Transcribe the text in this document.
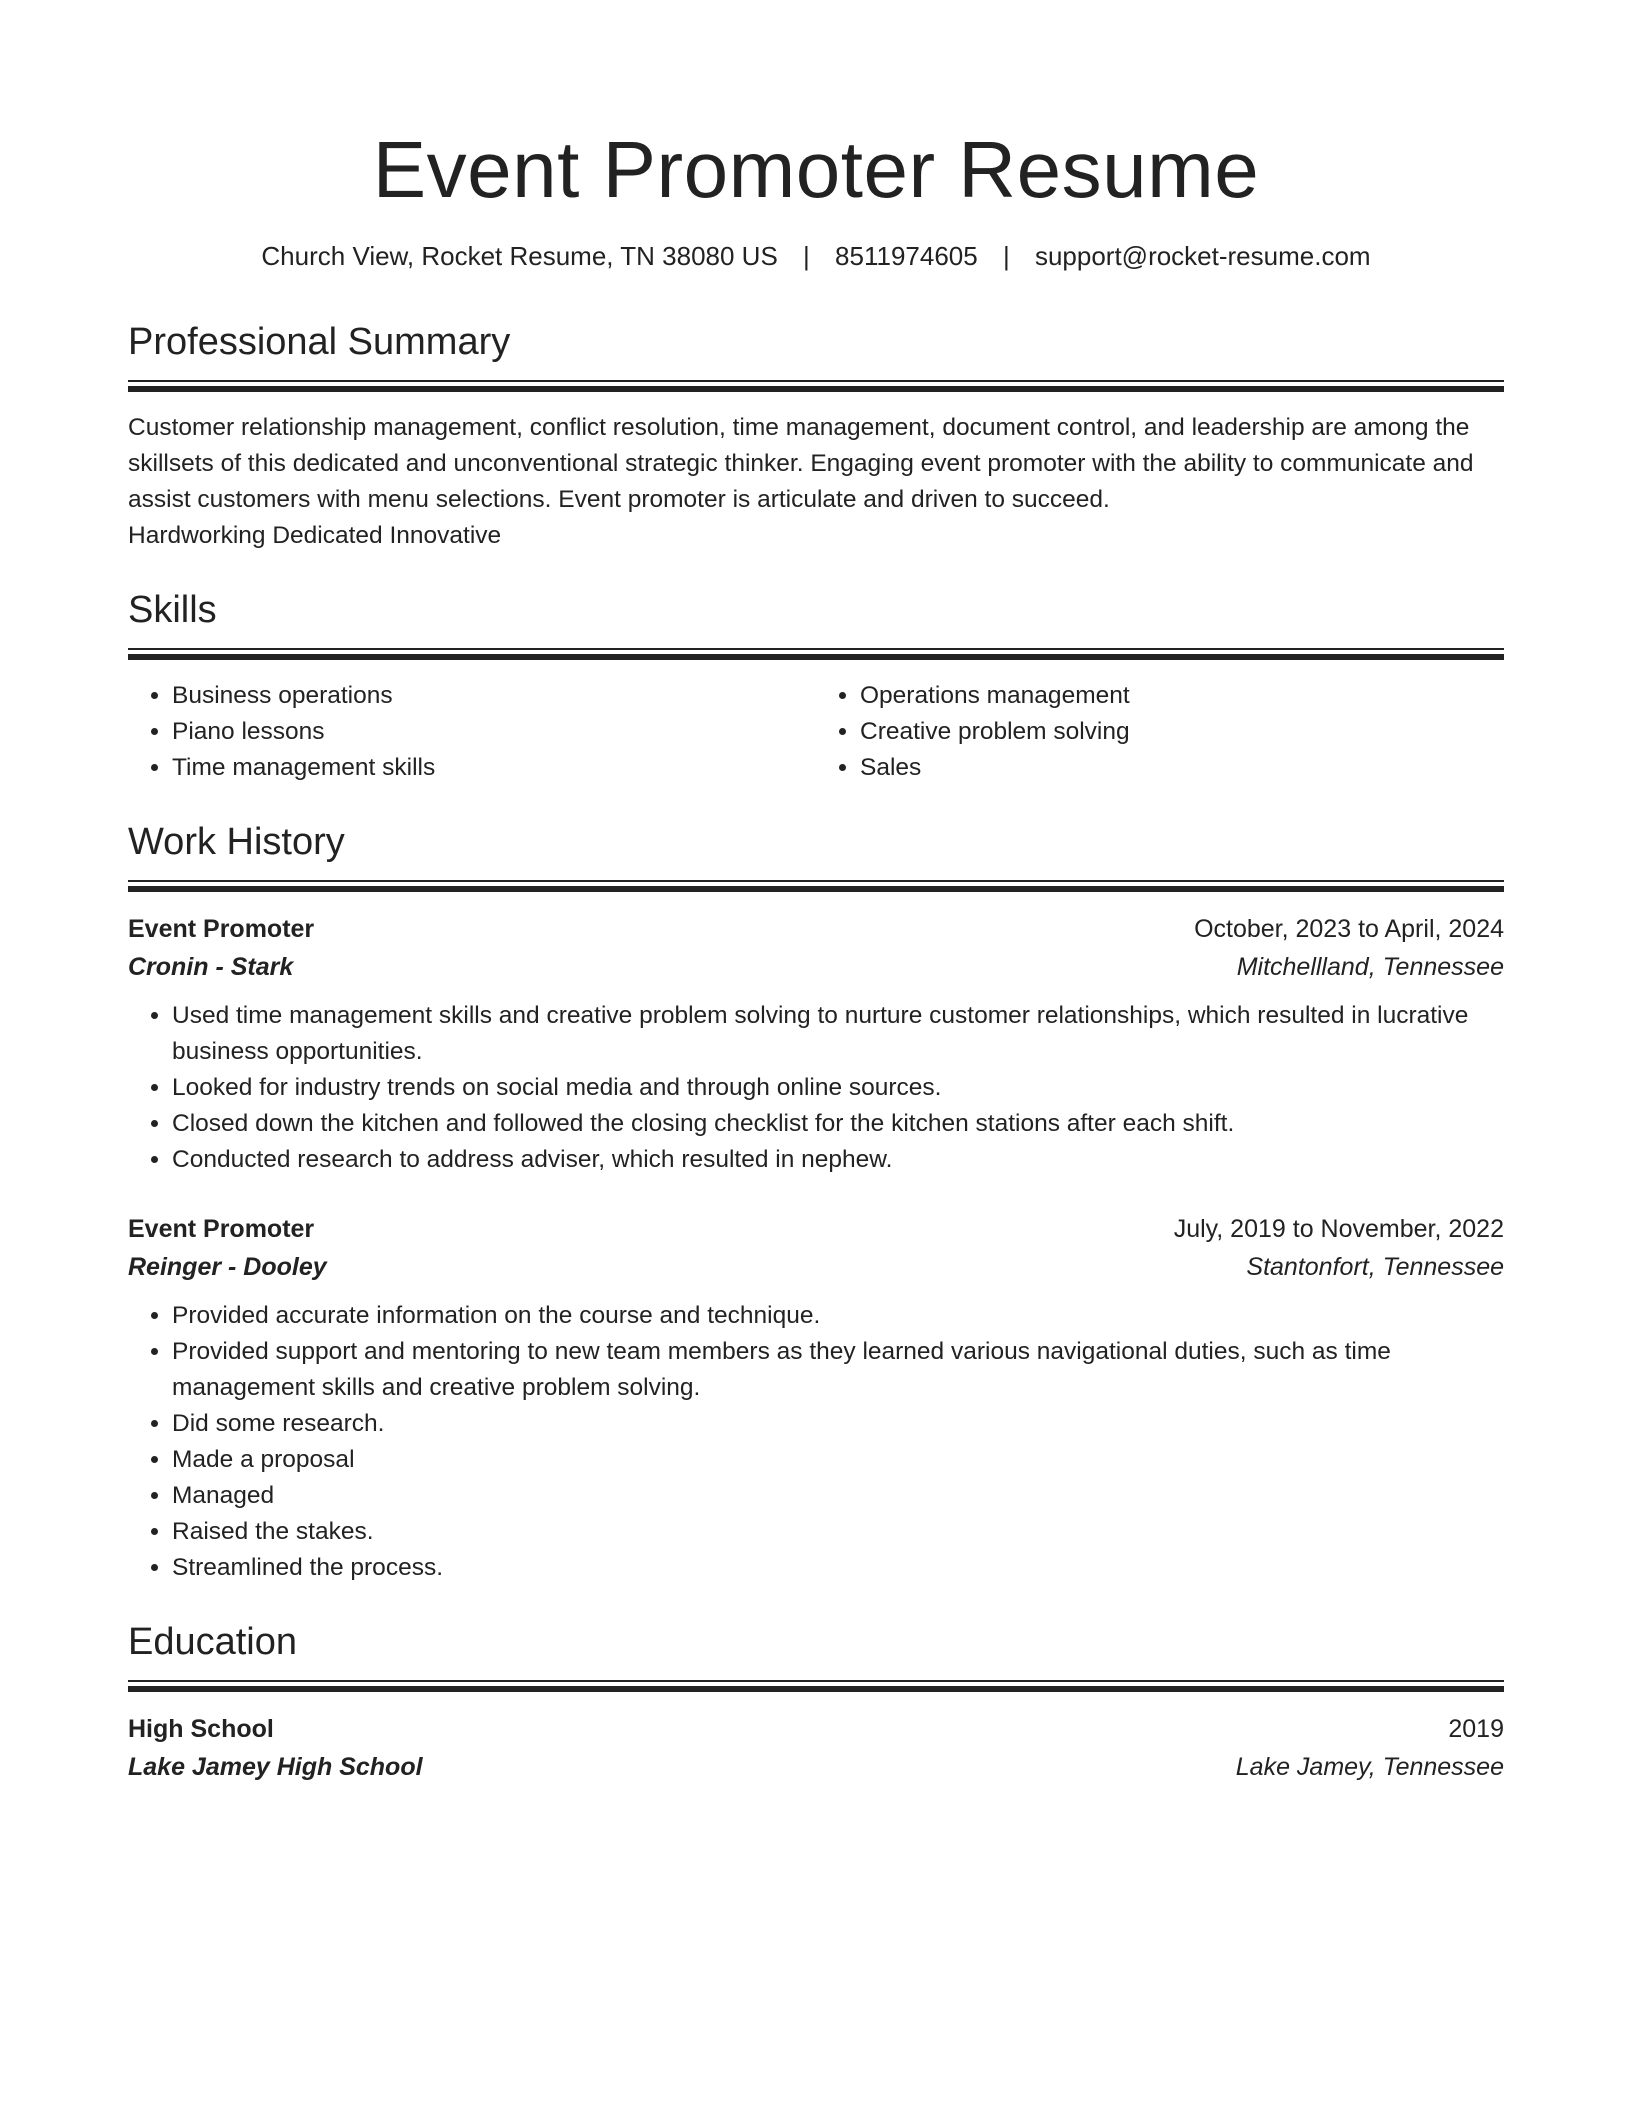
Event Promoter Resume
Church View, Rocket Resume, TN 38080 US | 8511974605 | support@rocket-resume.com
Professional Summary

Customer relationship management, conflict resolution, time management, document control, and leadership are among the skillsets of this dedicated and unconventional strategic thinker. Engaging event promoter with the ability to communicate and assist customers with menu selections. Event promoter is articulate and driven to succeed.
Hardworking Dedicated Innovative

Skills
• Business operations
• Piano lessons
• Time management skills
• Operations management
• Creative problem solving
• Sales
Work History
Event Promoter	October, 2023 to April, 2024
Cronin - Stark	Mitchellland, Tennessee
• Used time management skills and creative problem solving to nurture customer relationships, which resulted in lucrative business opportunities.
• Looked for industry trends on social media and through online sources.
• Closed down the kitchen and followed the closing checklist for the kitchen stations after each shift.
• Conducted research to address adviser, which resulted in nephew.
Event Promoter	July, 2019 to November, 2022
Reinger - Dooley	Stantonfort, Tennessee
• Provided accurate information on the course and technique.
• Provided support and mentoring to new team members as they learned various navigational duties, such as time management skills and creative problem solving.
• Did some research.
• Made a proposal
• Managed
• Raised the stakes.
• Streamlined the process.
Education
High School	2019
Lake Jamey High School	Lake Jamey, Tennessee
